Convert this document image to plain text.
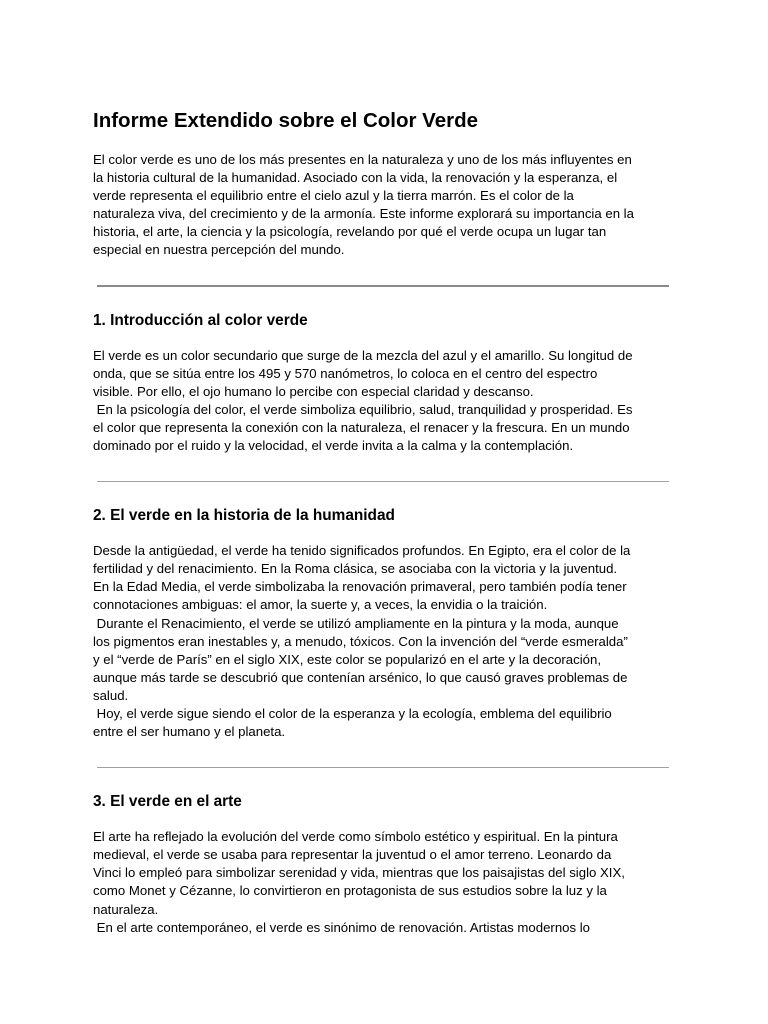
Informe Extendido sobre el Color Verde

El color verde es uno de los más presentes en la naturaleza y uno de los más influyentes en
la historia cultural de la humanidad. Asociado con la vida, la renovación y la esperanza, el
verde representa el equilibrio entre el cielo azul y la tierra marrón. Es el color de la
naturaleza viva, del crecimiento y de la armonía. Este informe explorará su importancia en la
historia, el arte, la ciencia y la psicología, revelando por qué el verde ocupa un lugar tan
especial en nuestra percepción del mundo.

1. Introducción al color verde

El verde es un color secundario que surge de la mezcla del azul y el amarillo. Su longitud de
onda, que se sitúa entre los 495 y 570 nanómetros, lo coloca en el centro del espectro
visible. Por ello, el ojo humano lo percibe con especial claridad y descanso.
En la psicología del color, el verde simboliza equilibrio, salud, tranquilidad y prosperidad. Es
el color que representa la conexión con la naturaleza, el renacer y la frescura. En un mundo
dominado por el ruido y la velocidad, el verde invita a la calma y la contemplación.

2. El verde en la historia de la humanidad

Desde la antigüedad, el verde ha tenido significados profundos. En Egipto, era el color de la
fertilidad y del renacimiento. En la Roma clásica, se asociaba con la victoria y la juventud.
En la Edad Media, el verde simbolizaba la renovación primaveral, pero también podía tener
connotaciones ambiguas: el amor, la suerte y, a veces, la envidia o la traición.
Durante el Renacimiento, el verde se utilizó ampliamente en la pintura y la moda, aunque
los pigmentos eran inestables y, a menudo, tóxicos. Con la invención del “verde esmeralda”
y el “verde de París” en el siglo XIX, este color se popularizó en el arte y la decoración,
aunque más tarde se descubrió que contenían arsénico, lo que causó graves problemas de
salud.
Hoy, el verde sigue siendo el color de la esperanza y la ecología, emblema del equilibrio
entre el ser humano y el planeta.

3. El verde en el arte

El arte ha reflejado la evolución del verde como símbolo estético y espiritual. En la pintura
medieval, el verde se usaba para representar la juventud o el amor terreno. Leonardo da
Vinci lo empleó para simbolizar serenidad y vida, mientras que los paisajistas del siglo XIX,
como Monet y Cézanne, lo convirtieron en protagonista de sus estudios sobre la luz y la
naturaleza.
En el arte contemporáneo, el verde es sinónimo de renovación. Artistas modernos lo
